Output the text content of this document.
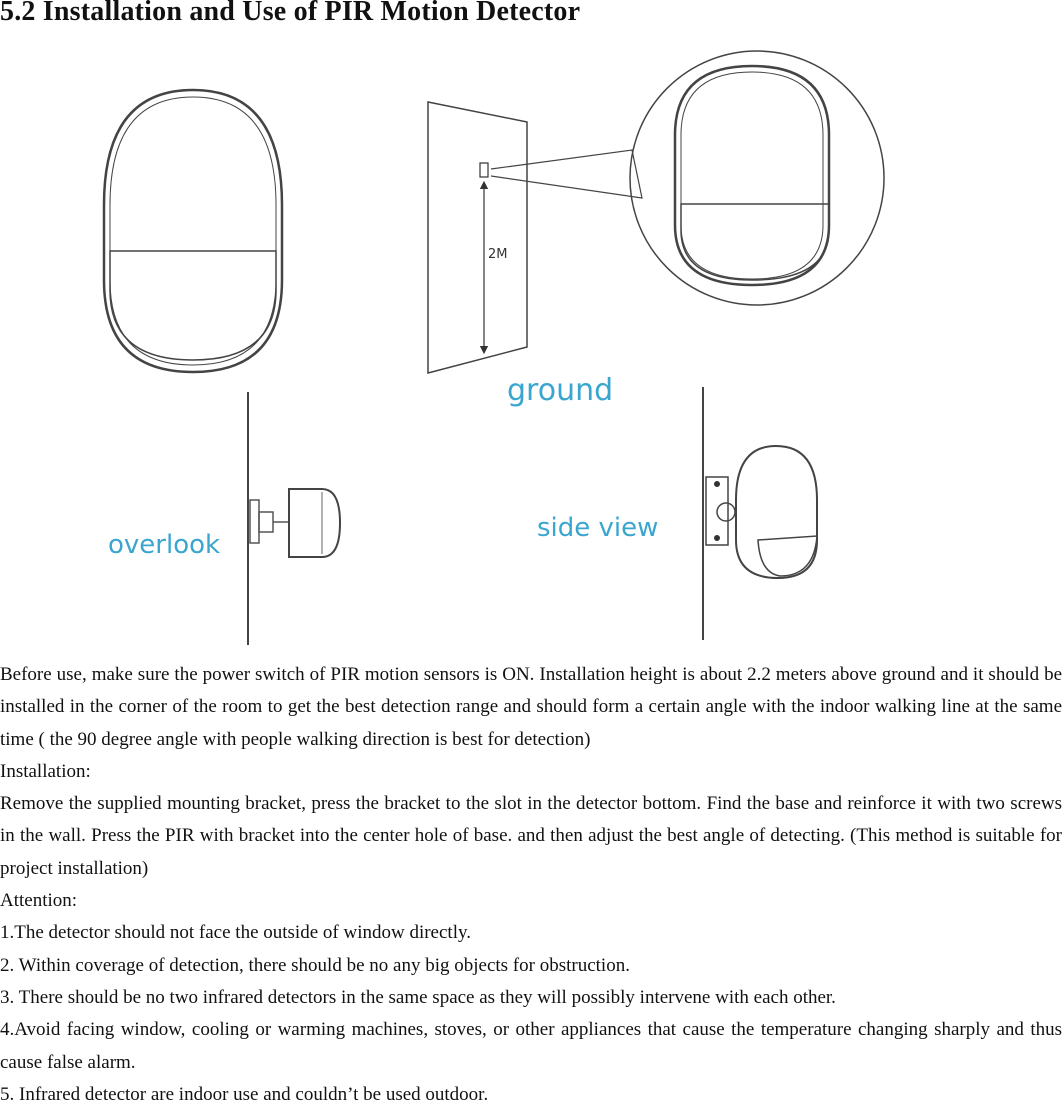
5.2 Installation and Use of PIR Motion Detector
2M
ground
overlook
side view

Before use, make sure the power switch of PIR motion sensors is ON. Installation height is about 2.2 meters above ground and it should be installed in the corner of the room to get the best detection range and should form a certain angle with the indoor walking line at the same time ( the 90 degree angle with people walking direction is best for detection)

Installation:

Remove the supplied mounting bracket, press the bracket to the slot in the detector bottom. Find the base and reinforce it with two screws in the wall. Press the PIR with bracket into the center hole of base. and then adjust the best angle of detecting. (This method is suitable for project installation)

Attention:

1.The detector should not face the outside of window directly.

2. Within coverage of detection, there should be no any big objects for obstruction.

3. There should be no two infrared detectors in the same space as they will possibly intervene with each other.

4.Avoid facing window, cooling or warming machines, stoves, or other appliances that cause the temperature changing sharply and thus cause false alarm.

5. Infrared detector are indoor use and couldn’t be used outdoor.
